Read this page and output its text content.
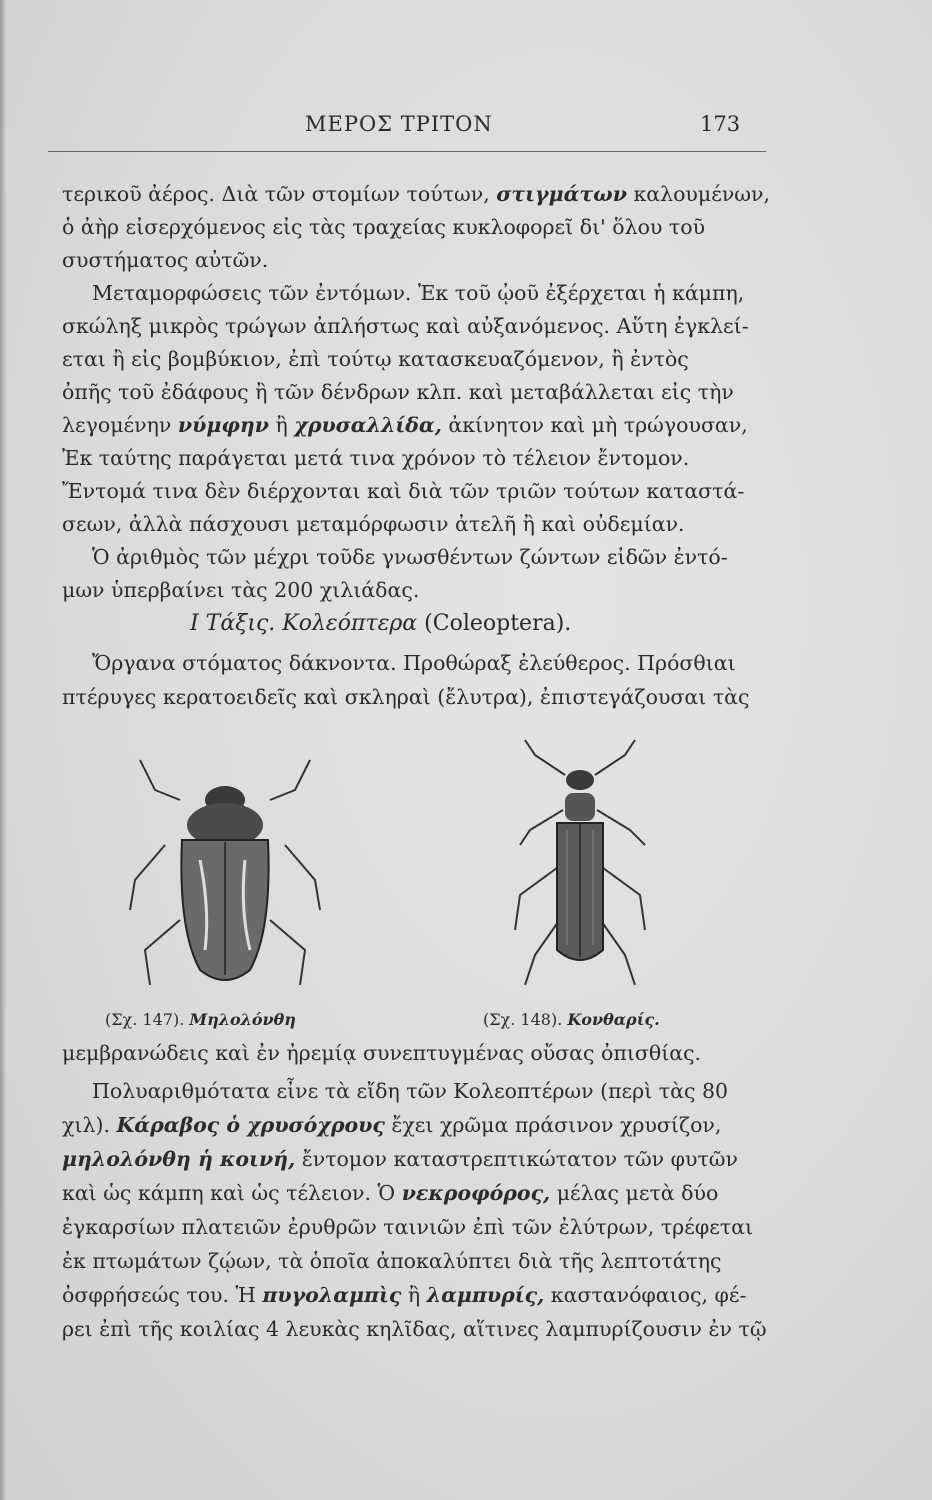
ΜΕΡΟΣ ΤΡΙΤΟΝ	173
τερικοῦ ἀέρος. Διὰ τῶν στομίων τούτων, στιγμάτων καλουμένων,
ὁ ἀὴρ εἰσερχόμενος εἰς τὰς τραχείας κυκλοφορεῖ δι' ὅλου τοῦ
συστήματος αὐτῶν.
Μεταμορφώσεις τῶν ἐντόμων. Ἐκ τοῦ ᾠοῦ ἐξέρχεται ἡ κάμπη,
σκώληξ μικρὸς τρώγων ἀπλήστως καὶ αὐξανόμενος. Αὕτη ἐγκλεί-
εται ἢ εἰς βομβύκιον, ἐπὶ τούτῳ κατασκευαζόμενον, ἢ ἐντὸς
ὀπῆς τοῦ ἐδάφους ἢ τῶν δένδρων κλπ. καὶ μεταβάλλεται εἰς τὴν
λεγομένην νύμφην ἢ χρυσαλλίδα, ἀκίνητον καὶ μὴ τρώγουσαν,
Ἐκ ταύτης παράγεται μετά τινα χρόνον τὸ τέλειον ἔντομον.
Ἔντομά τινα δὲν διέρχονται καὶ διὰ τῶν τριῶν τούτων καταστά-
σεων, ἀλλὰ πάσχουσι μεταμόρφωσιν ἀτελῆ ἢ καὶ οὐδεμίαν.
Ὁ ἀριθμὸς τῶν μέχρι τοῦδε γνωσθέντων ζώντων εἰδῶν ἐντό-
μων ὑπερβαίνει τὰς 200 χιλιάδας.
Ι Τάξις. Κολεόπτερα (Coleoptera).
Ὄργανα στόματος δάκνοντα. Προθώραξ ἐλεύθερος. Πρόσθιαι
πτέρυγες κερατοειδεῖς καὶ σκληραὶ (ἔλυτρα), ἐπιστεγάζουσαι τὰς
(Σχ. 147). Μηλολόνθη	(Σχ. 148). Κονθαρίς.
μεμβρανώδεις καὶ ἐν ἠρεμίᾳ συνεπτυγμένας οὔσας ὀπισθίας.
Πολυαριθμότατα εἶνε τὰ εἴδη τῶν Κολεοπτέρων (περὶ τὰς 80
χιλ). Κάραβος ὁ χρυσόχρους ἔχει χρῶμα πράσινον χρυσίζον,
μηλολόνθη ἡ κοινή, ἔντομον καταστρεπτικώτατον τῶν φυτῶν
καὶ ὡς κάμπη καὶ ὡς τέλειον. Ὁ νεκροφόρος, μέλας μετὰ δύο
ἐγκαρσίων πλατειῶν ἐρυθρῶν ταινιῶν ἐπὶ τῶν ἐλύτρων, τρέφεται
ἐκ πτωμάτων ζῴων, τὰ ὁποῖα ἀποκαλύπτει διὰ τῆς λεπτοτάτης
ὀσφρήσεώς του. Ἡ πυγολαμπὶς ἢ λαμπυρίς, καστανόφαιος, φέ-
ρει ἐπὶ τῆς κοιλίας 4 λευκὰς κηλῖδας, αἵτινες λαμπυρίζουσιν ἐν τῷ
